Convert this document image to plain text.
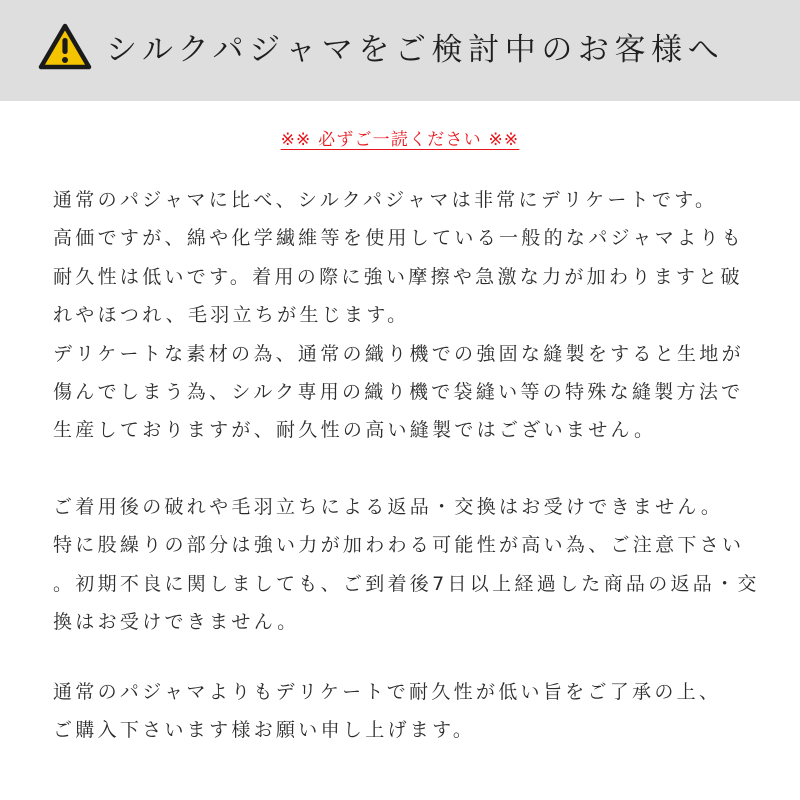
シルクパジャマをご検討中のお客様へ
※※ 必ずご一読ください ※※
通常のパジャマに比べ、シルクパジャマは非常にデリケートです。
高価ですが、綿や化学繊維等を使用している一般的なパジャマよりも
耐久性は低いです。着用の際に強い摩擦や急激な力が加わりますと破
れやほつれ、毛羽立ちが生じます。
デリケートな素材の為、通常の織り機での強固な縫製をすると生地が
傷んでしまう為、シルク専用の織り機で袋縫い等の特殊な縫製方法で
生産しておりますが、耐久性の高い縫製ではございません。
ご着用後の破れや毛羽立ちによる返品・交換はお受けできません。
特に股繰りの部分は強い力が加わわる可能性が高い為、ご注意下さい
。初期不良に関しましても、ご到着後7日以上経過した商品の返品・交
換はお受けできません。
通常のパジャマよりもデリケートで耐久性が低い旨をご了承の上、
ご購入下さいます様お願い申し上げます。
